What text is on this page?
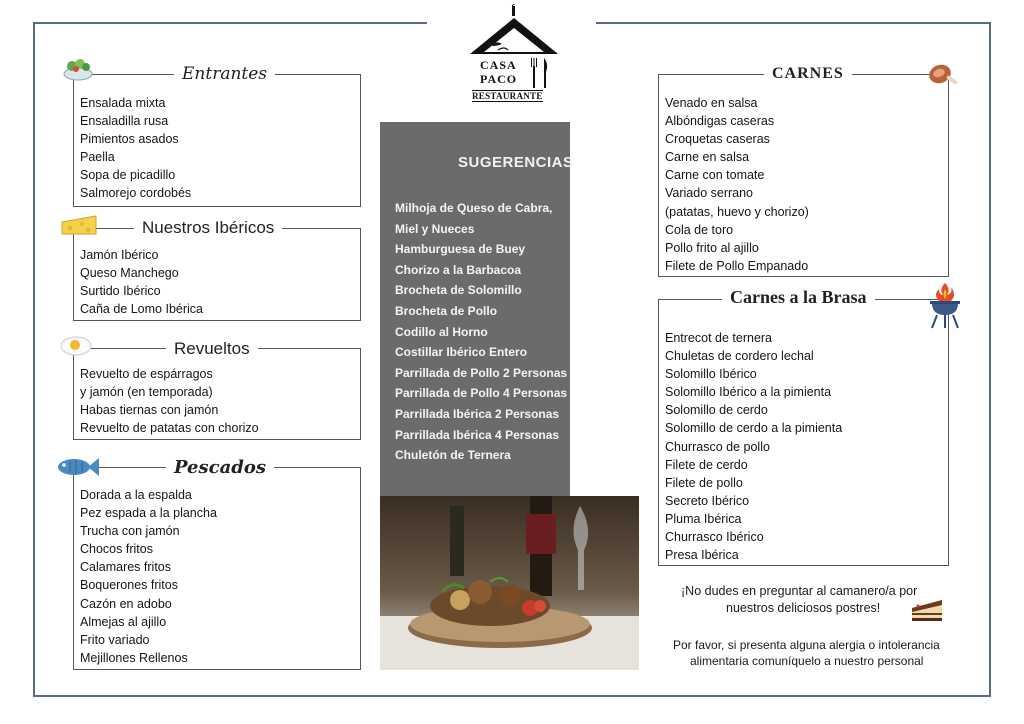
CASA
PACO
RESTAURANTE
Entrantes
Ensalada mixta
Ensaladilla rusa
Pimientos asados
Paella
Sopa de picadillo
Salmorejo cordobés
Nuestros Ibéricos
Jamón Ibérico
Queso Manchego
Surtido Ibérico
Caña de Lomo Ibérica
Revueltos
Revuelto de espárragos
y jamón (en temporada)
Habas tiernas con jamón
Revuelto de patatas con chorizo
Pescados
Dorada a la espalda
Pez espada a la plancha
Trucha con jamón
Chocos fritos
Calamares fritos
Boquerones fritos
Cazón en adobo
Almejas al ajillo
Frito variado
Mejillones Rellenos
SUGERENCIAS
Milhoja de Queso de Cabra,
Miel y Nueces
Hamburguesa de Buey
Chorizo a la Barbacoa
Brocheta de Solomillo
Brocheta de Pollo
Codillo al Horno
Costillar Ibérico Entero
Parrillada de Pollo 2 Personas
Parrillada de Pollo 4 Personas
Parrillada Ibérica 2 Personas
Parrillada Ibérica 4 Personas
Chuletón de Ternera
CARNES
Venado en salsa
Albóndigas caseras
Croquetas caseras
Carne en salsa
Carne con tomate
Variado serrano
(patatas, huevo y chorizo)
Cola de toro
Pollo frito al ajillo
Filete de Pollo Empanado
Carnes a la Brasa
Entrecot de ternera
Chuletas de cordero lechal
Solomillo Ibérico
Solomillo Ibérico a la pimienta
Solomillo de cerdo
Solomillo de cerdo a la pimienta
Churrasco de pollo
Filete de cerdo
Filete de pollo
Secreto Ibérico
Pluma Ibérica
Churrasco Ibérico
Presa Ibérica
¡No dudes en preguntar al camanero/a por
nuestros deliciosos postres!
Por favor, si presenta alguna alergia o intolerancia
alimentaria comuníquelo a nuestro personal
